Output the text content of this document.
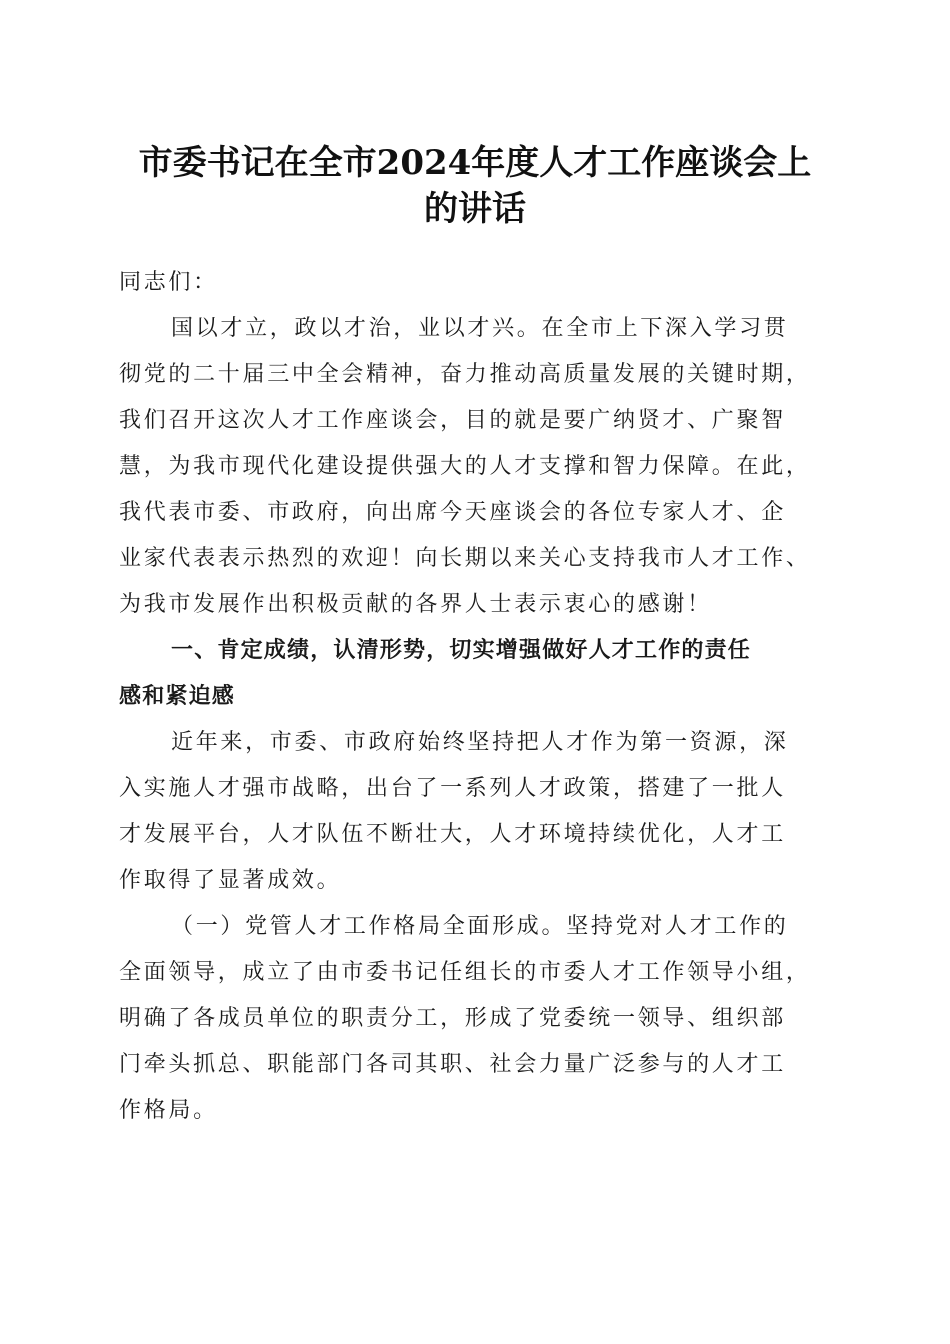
市委书记在全市2024年度人才工作座谈会上
的讲话
同志们：
国以才立，政以才治，业以才兴。在全市上下深入学习贯
彻党的二十届三中全会精神，奋力推动高质量发展的关键时期，
我们召开这次人才工作座谈会，目的就是要广纳贤才、广聚智
慧，为我市现代化建设提供强大的人才支撑和智力保障。在此，
我代表市委、市政府，向出席今天座谈会的各位专家人才、企
业家代表表示热烈的欢迎！向长期以来关心支持我市人才工作、
为我市发展作出积极贡献的各界人士表示衷心的感谢！
一、肯定成绩，认清形势，切实增强做好人才工作的责任
感和紧迫感
近年来，市委、市政府始终坚持把人才作为第一资源，深
入实施人才强市战略，出台了一系列人才政策，搭建了一批人
才发展平台，人才队伍不断壮大，人才环境持续优化，人才工
作取得了显著成效。
（一）党管人才工作格局全面形成。坚持党对人才工作的
全面领导，成立了由市委书记任组长的市委人才工作领导小组，
明确了各成员单位的职责分工，形成了党委统一领导、组织部
门牵头抓总、职能部门各司其职、社会力量广泛参与的人才工
作格局。
